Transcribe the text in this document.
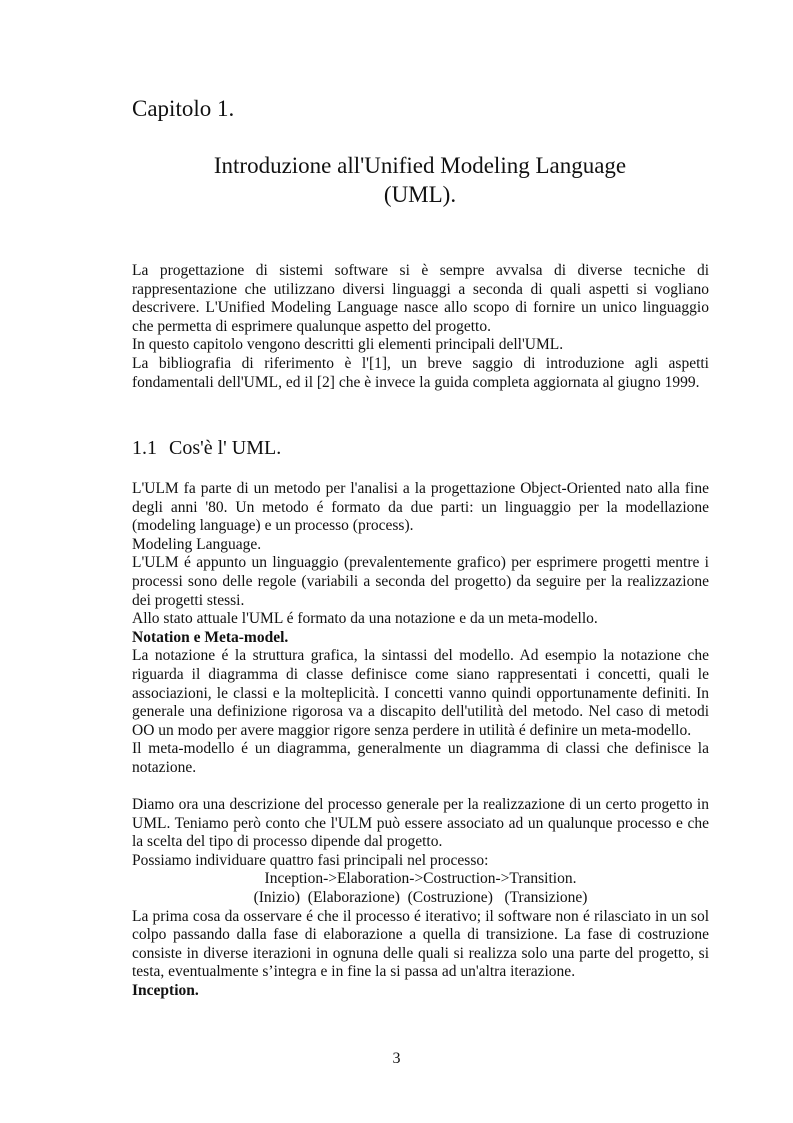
Capitolo 1.
Introduzione all'Unified Modeling Language
(UML).

La progettazione di sistemi software si è sempre avvalsa di diverse tecniche di rappresentazione che utilizzano diversi linguaggi a seconda di quali aspetti si vogliano descrivere. L'Unified Modeling Language nasce allo scopo di fornire un unico linguaggio che permetta di esprimere qualunque aspetto del progetto.

In questo capitolo vengono descritti gli elementi principali dell'UML.

La bibliografia di riferimento è l'[1], un breve saggio di introduzione agli aspetti fondamentali dell'UML, ed il [2] che è invece la guida completa aggiornata al giugno 1999.

1.1 Cos'è l' UML.

L'ULM fa parte di un metodo per l'analisi a la progettazione Object-Oriented nato alla fine degli anni '80. Un metodo é formato da due parti: un linguaggio per la modellazione (modeling language) e un processo (process).

Modeling Language.

L'ULM é appunto un linguaggio (prevalentemente grafico) per esprimere progetti mentre i processi sono delle regole (variabili a seconda del progetto) da seguire per la realizzazione dei progetti stessi.

Allo stato attuale l'UML é formato da una notazione e da un meta-modello.

Notation e Meta-model.

La notazione é la struttura grafica, la sintassi del modello. Ad esempio la notazione che riguarda il diagramma di classe definisce come siano rappresentati i concetti, quali le associazioni, le classi e la molteplicità. I concetti vanno quindi opportunamente definiti. In generale una definizione rigorosa va a discapito dell'utilità del metodo. Nel caso di metodi OO un modo per avere maggior rigore senza perdere in utilità é definire un meta-modello.

Il meta-modello é un diagramma, generalmente un diagramma di classi che definisce la notazione.

Diamo ora una descrizione del processo generale per la realizzazione di un certo progetto in UML. Teniamo però conto che l'ULM può essere associato ad un qualunque processo e che la scelta del tipo di processo dipende dal progetto.

Possiamo individuare quattro fasi principali nel processo:

Inception->Elaboration->Costruction->Transition.

(Inizio)  (Elaborazione)  (Costruzione)   (Transizione)

La prima cosa da osservare é che il processo é iterativo; il software non é rilasciato in un sol colpo passando dalla fase di elaborazione a quella di transizione. La fase di costruzione consiste in diverse iterazioni in ognuna delle quali si realizza solo una parte del progetto, si testa, eventualmente s’integra e in fine la si passa ad un'altra iterazione.

Inception.

3
